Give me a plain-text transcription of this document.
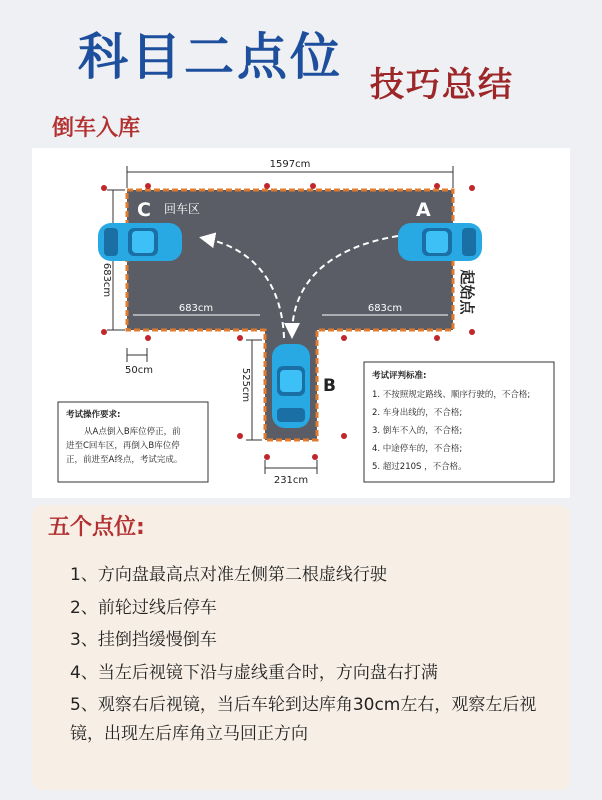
科目二点位 技巧总结
倒车入库
1597cm
683cm
683cm	683cm
50cm	525cm
231cm
C 回车区	A
B
起始点
考试操作要求:
从A点倒入B库位停正，前
进至C回车区，再倒入B库位停
正，前进至A终点，考试完成。
考试评判标准:
1. 不按照规定路线、顺序行驶的，不合格;
2. 车身出线的，不合格;
3. 倒车不入的，不合格;
4. 中途停车的，不合格;
5. 超过210S ，不合格。
五个点位:
1、方向盘最高点对准左侧第二根虚线行驶
2、前轮过线后停车
3、挂倒挡缓慢倒车
4、当左后视镜下沿与虚线重合时，方向盘右打满
5、观察右后视镜，当后车轮到达库角30cm左右，观察左后视镜，出现左后库角立马回正方向
